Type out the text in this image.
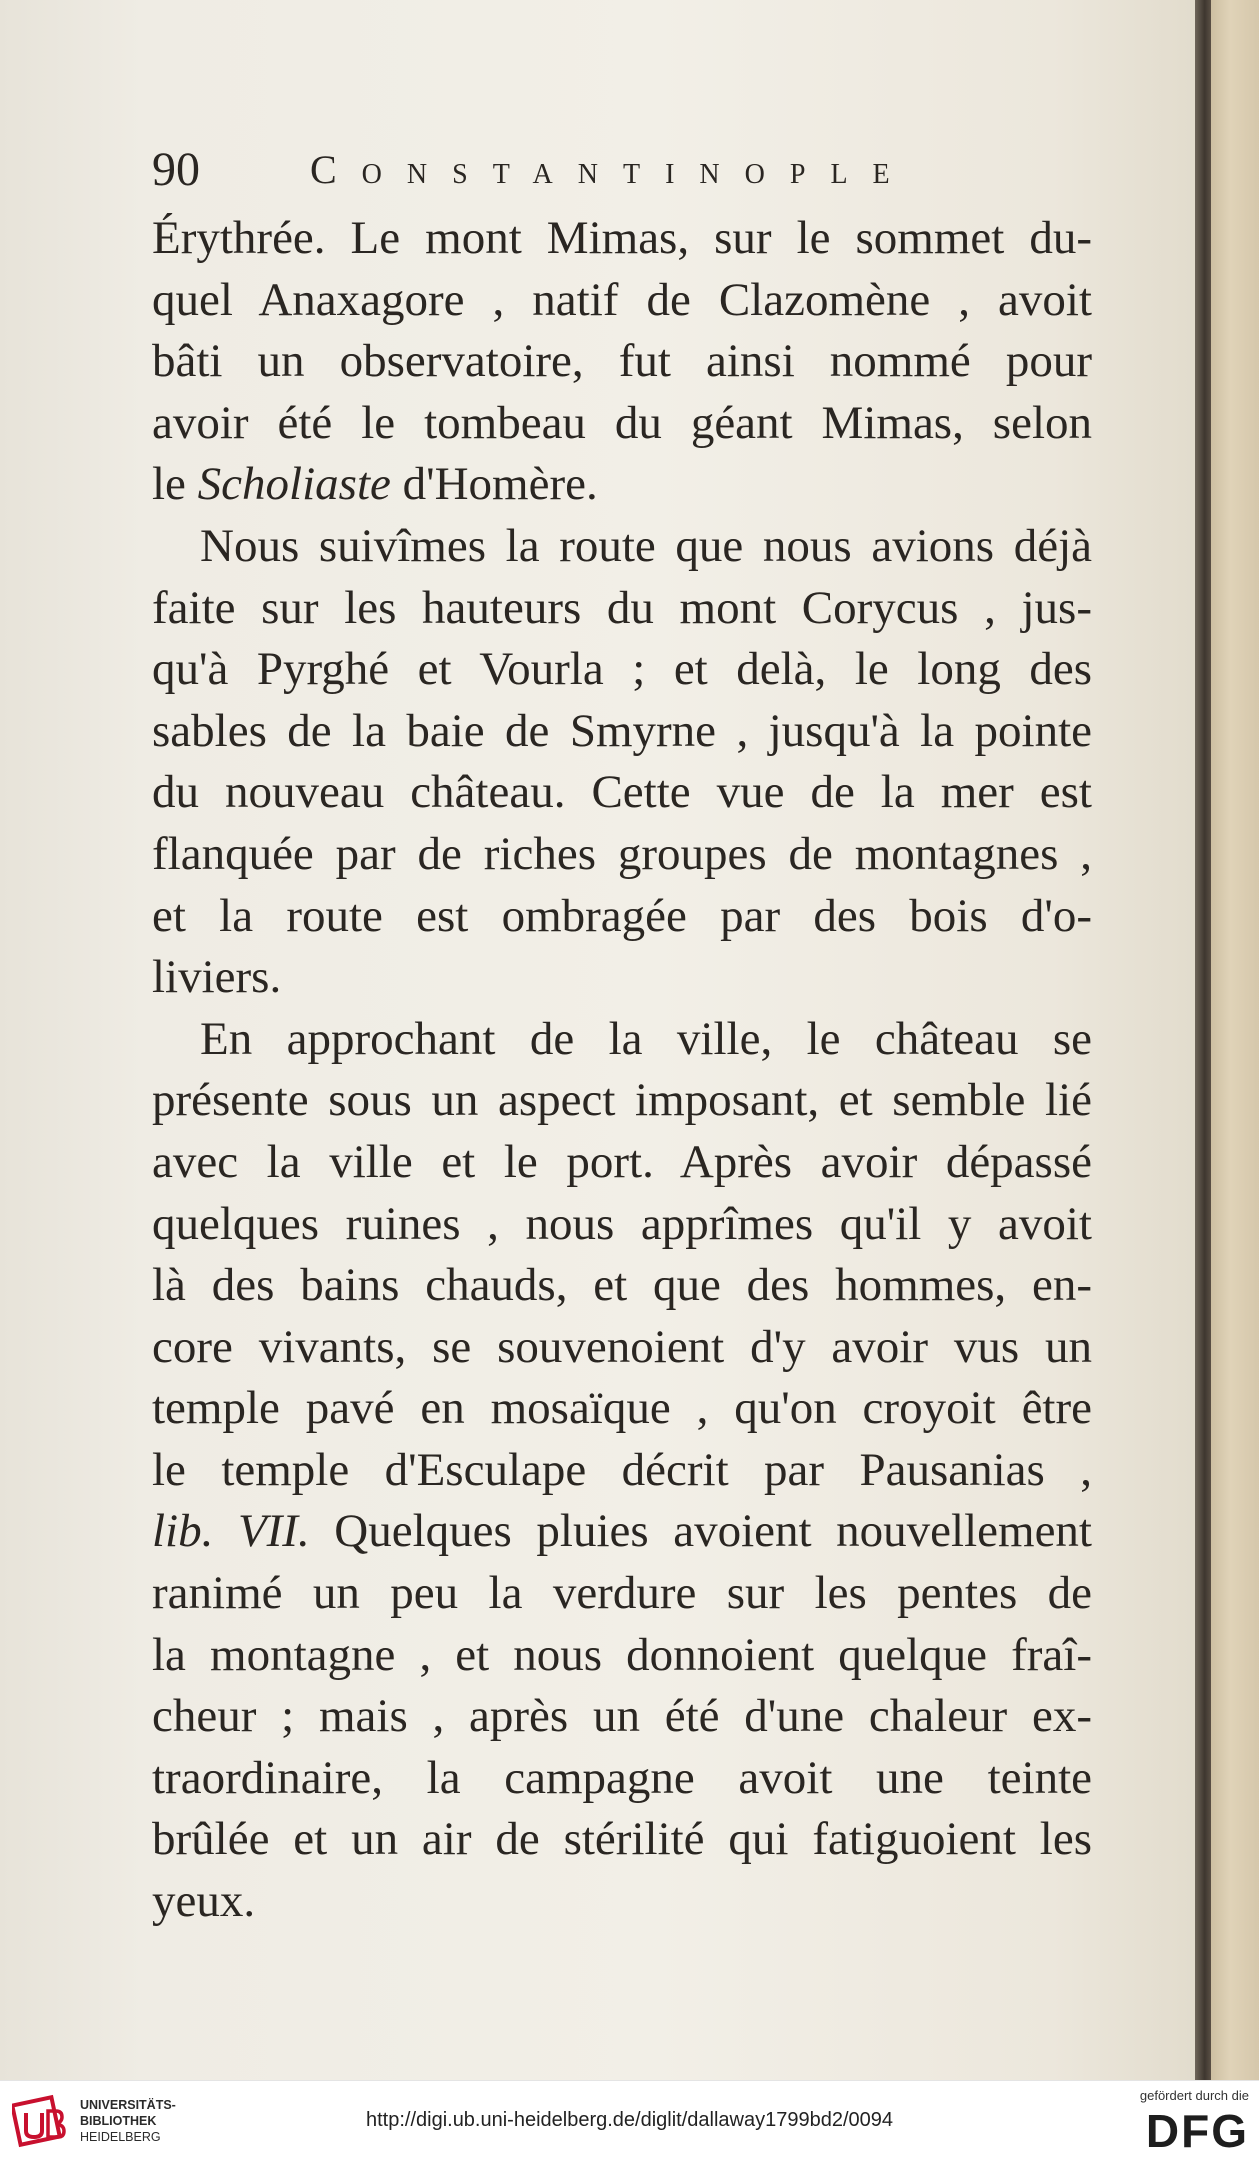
90	Constantinople
Érythrée. Le mont Mimas, sur le sommet du-
quel Anaxagore , natif de Clazomène , avoit
bâti un observatoire, fut ainsi nommé pour
avoir été le tombeau du géant Mimas, selon
le Scholiaste d'Homère.
Nous suivîmes la route que nous avions déjà
faite sur les hauteurs du mont Corycus , jus-
qu'à Pyrghé et Vourla ; et delà, le long des
sables de la baie de Smyrne , jusqu'à la pointe
du nouveau château. Cette vue de la mer est
flanquée par de riches groupes de montagnes ,
et la route est ombragée par des bois d'o-
liviers.
En approchant de la ville, le château se
présente sous un aspect imposant, et semble lié
avec la ville et le port. Après avoir dépassé
quelques ruines , nous apprîmes qu'il y avoit
là des bains chauds, et que des hommes, en-
core vivants, se souvenoient d'y avoir vus un
temple pavé en mosaïque , qu'on croyoit être
le temple d'Esculape décrit par Pausanias ,
lib. VII. Quelques pluies avoient nouvellement
ranimé un peu la verdure sur les pentes de
la montagne , et nous donnoient quelque fraî-
cheur ; mais , après un été d'une chaleur ex-
traordinaire, la campagne avoit une teinte
brûlée et un air de stérilité qui fatiguoient les
yeux.
UNIVERSITÄTS-
BIBLIOTHEK
HEIDELBERG
http://digi.ub.uni-heidelberg.de/diglit/dallaway1799bd2/0094
gefördert durch die
DFG
